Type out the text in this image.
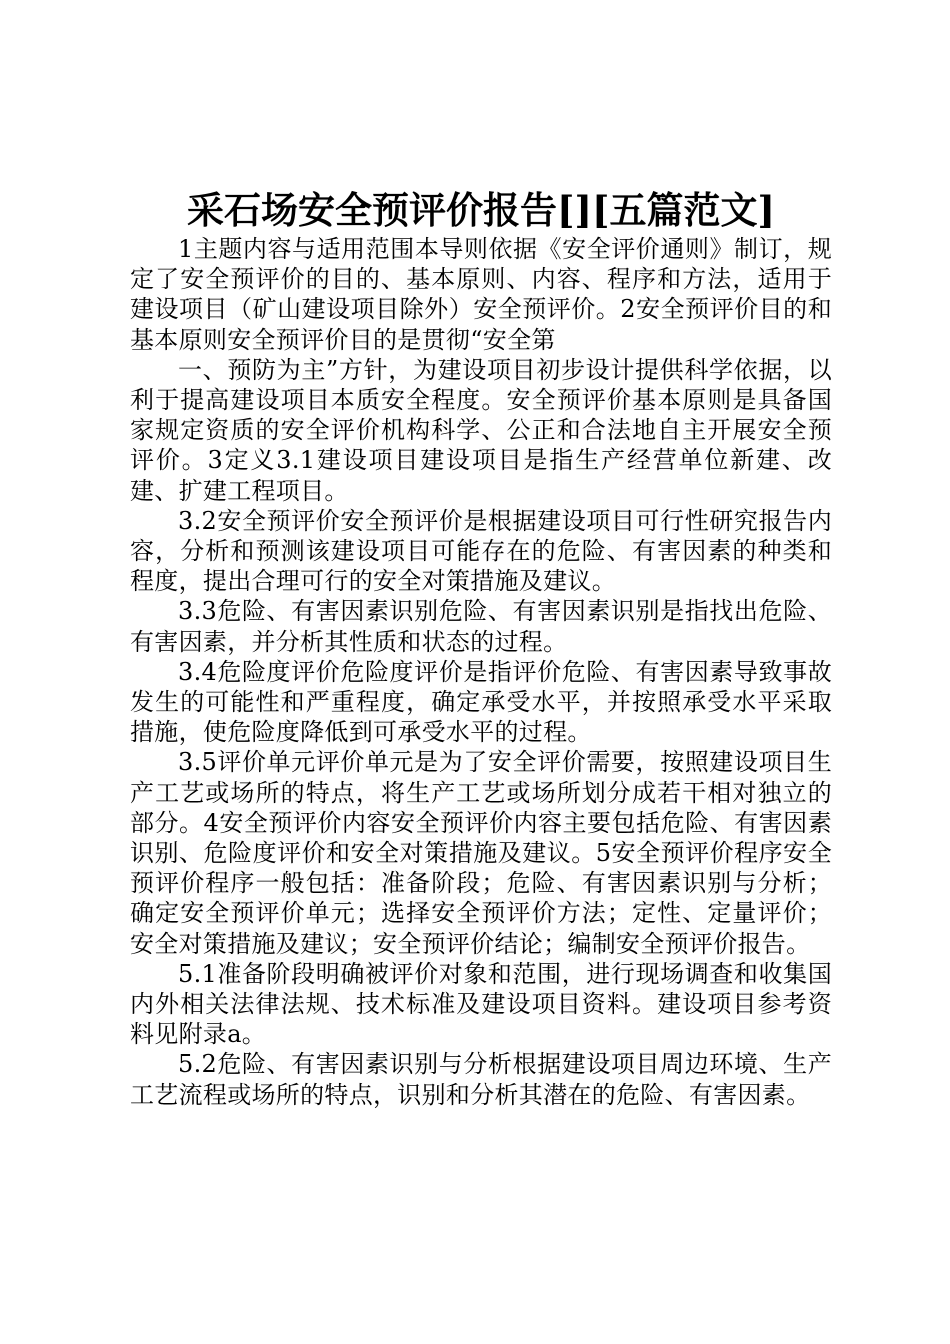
采石场安全预评价报告[][五篇范文]

1主题内容与适用范围本导则依据《安全评价通则》制订，规定了安全预评价的目的、基本原则、内容、程序和方法，适用于建设项目（矿山建设项目除外）安全预评价。2安全预评价目的和基本原则安全预评价目的是贯彻“安全第

一、预防为主”方针，为建设项目初步设计提供科学依据，以利于提高建设项目本质安全程度。安全预评价基本原则是具备国家规定资质的安全评价机构科学、公正和合法地自主开展安全预评价。3定义3.1建设项目建设项目是指生产经营单位新建、改建、扩建工程项目。

3.2安全预评价安全预评价是根据建设项目可行性研究报告内容，分析和预测该建设项目可能存在的危险、有害因素的种类和程度，提出合理可行的安全对策措施及建议。

3.3危险、有害因素识别危险、有害因素识别是指找出危险、有害因素，并分析其性质和状态的过程。

3.4危险度评价危险度评价是指评价危险、有害因素导致事故发生的可能性和严重程度，确定承受水平，并按照承受水平采取措施，使危险度降低到可承受水平的过程。

3.5评价单元评价单元是为了安全评价需要，按照建设项目生产工艺或场所的特点，将生产工艺或场所划分成若干相对独立的部分。4安全预评价内容安全预评价内容主要包括危险、有害因素识别、危险度评价和安全对策措施及建议。5安全预评价程序安全预评价程序一般包括：准备阶段；危险、有害因素识别与分析；确定安全预评价单元；选择安全预评价方法；定性、定量评价；安全对策措施及建议；安全预评价结论；编制安全预评价报告。

5.1准备阶段明确被评价对象和范围，进行现场调查和收集国内外相关法律法规、技术标准及建设项目资料。建设项目参考资料见附录a。

5.2危险、有害因素识别与分析根据建设项目周边环境、生产工艺流程或场所的特点，识别和分析其潜在的危险、有害因素。
